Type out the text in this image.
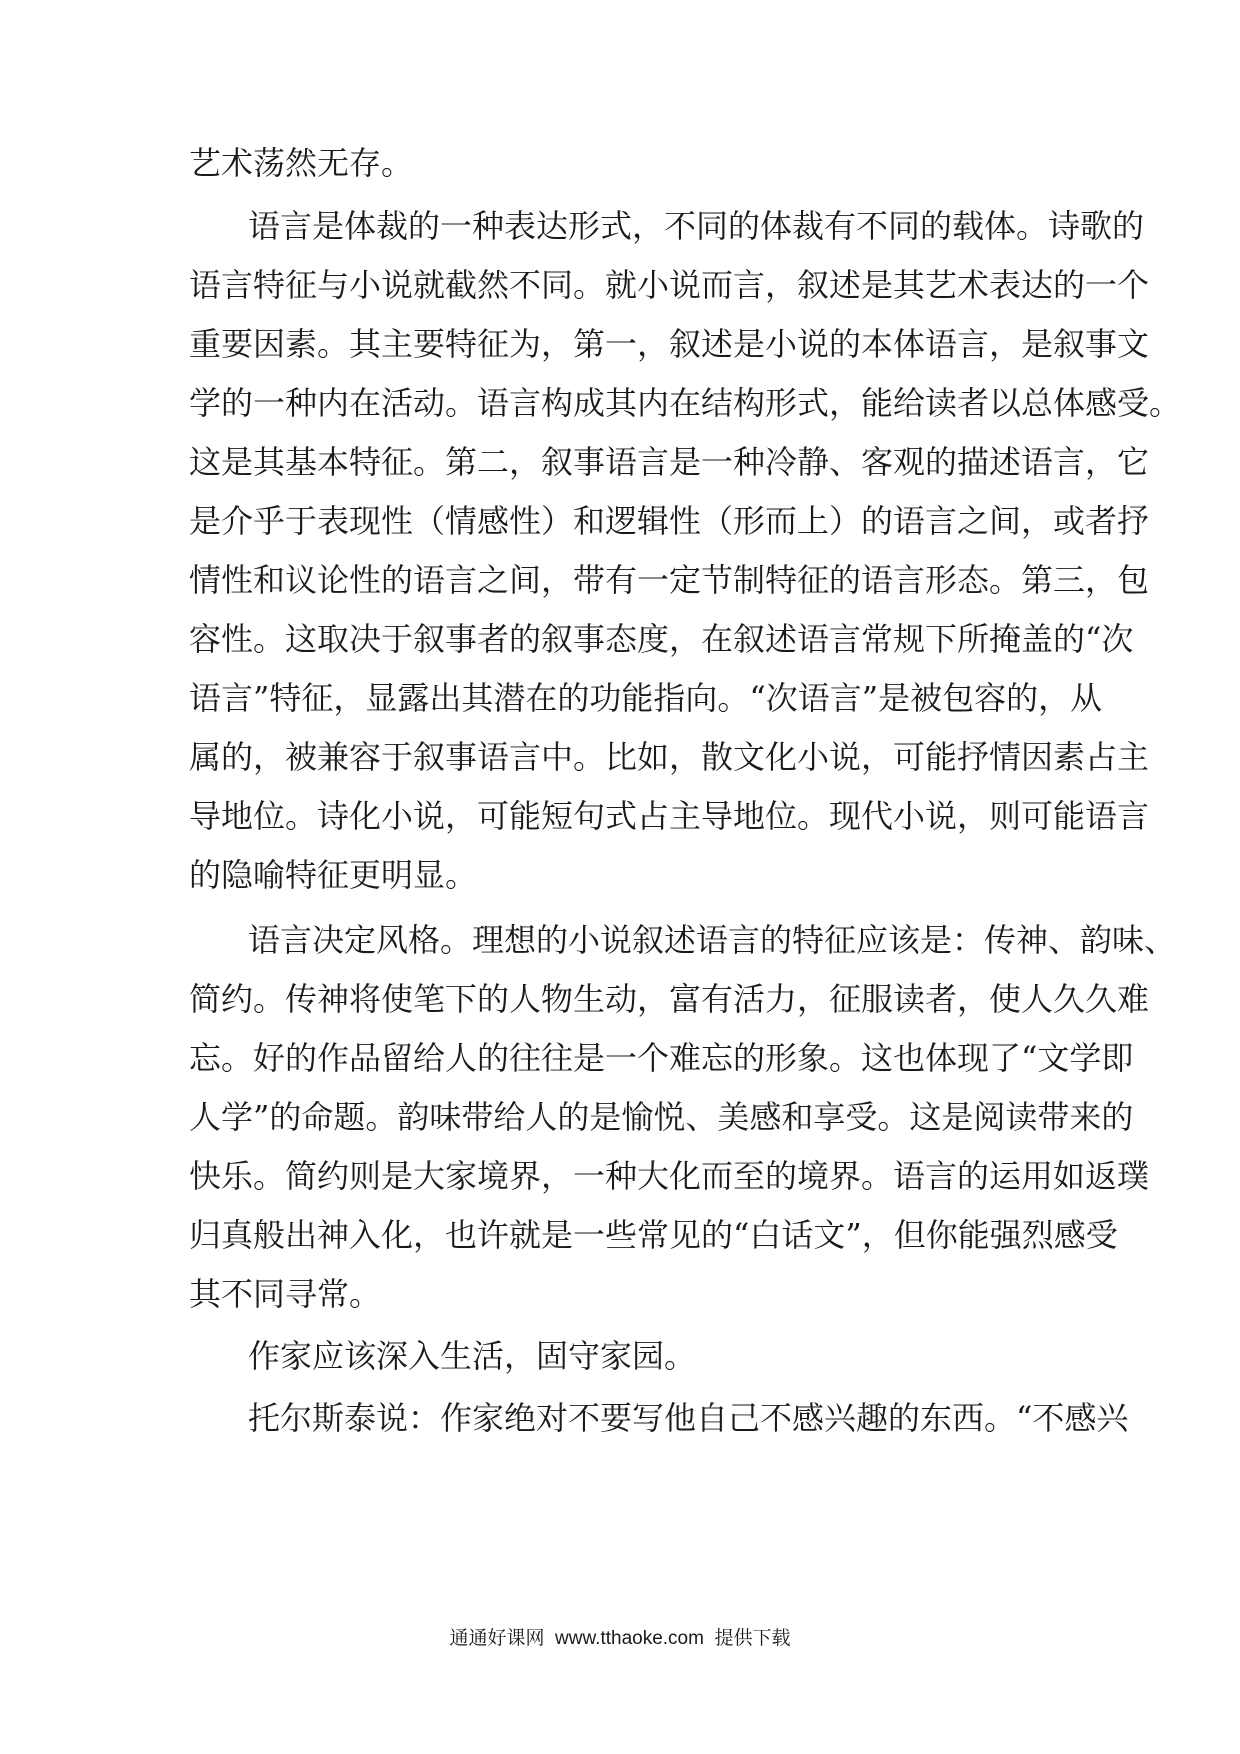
艺术荡然无存。
语言是体裁的一种表达形式，不同的体裁有不同的载体。诗歌的
语言特征与小说就截然不同。就小说而言，叙述是其艺术表达的一个
重要因素。其主要特征为，第一，叙述是小说的本体语言，是叙事文
学的一种内在活动。语言构成其内在结构形式，能给读者以总体感受。
这是其基本特征。第二，叙事语言是一种冷静、客观的描述语言，它
是介乎于表现性（情感性）和逻辑性（形而上）的语言之间，或者抒
情性和议论性的语言之间，带有一定节制特征的语言形态。第三，包
容性。这取决于叙事者的叙事态度，在叙述语言常规下所掩盖的“次
语言”特征，显露出其潜在的功能指向。“次语言”是被包容的，从
属的，被兼容于叙事语言中。比如，散文化小说，可能抒情因素占主
导地位。诗化小说，可能短句式占主导地位。现代小说，则可能语言
的隐喻特征更明显。
语言决定风格。理想的小说叙述语言的特征应该是：传神、韵味、
简约。传神将使笔下的人物生动，富有活力，征服读者，使人久久难
忘。好的作品留给人的往往是一个难忘的形象。这也体现了“文学即
人学”的命题。韵味带给人的是愉悦、美感和享受。这是阅读带来的
快乐。简约则是大家境界，一种大化而至的境界。语言的运用如返璞
归真般出神入化，也许就是一些常见的“白话文”，但你能强烈感受
其不同寻常。
作家应该深入生活，固守家园。
托尔斯泰说：作家绝对不要写他自己不感兴趣的东西。“不感兴
通通好课网 www.tthaoke.com 提供下载
